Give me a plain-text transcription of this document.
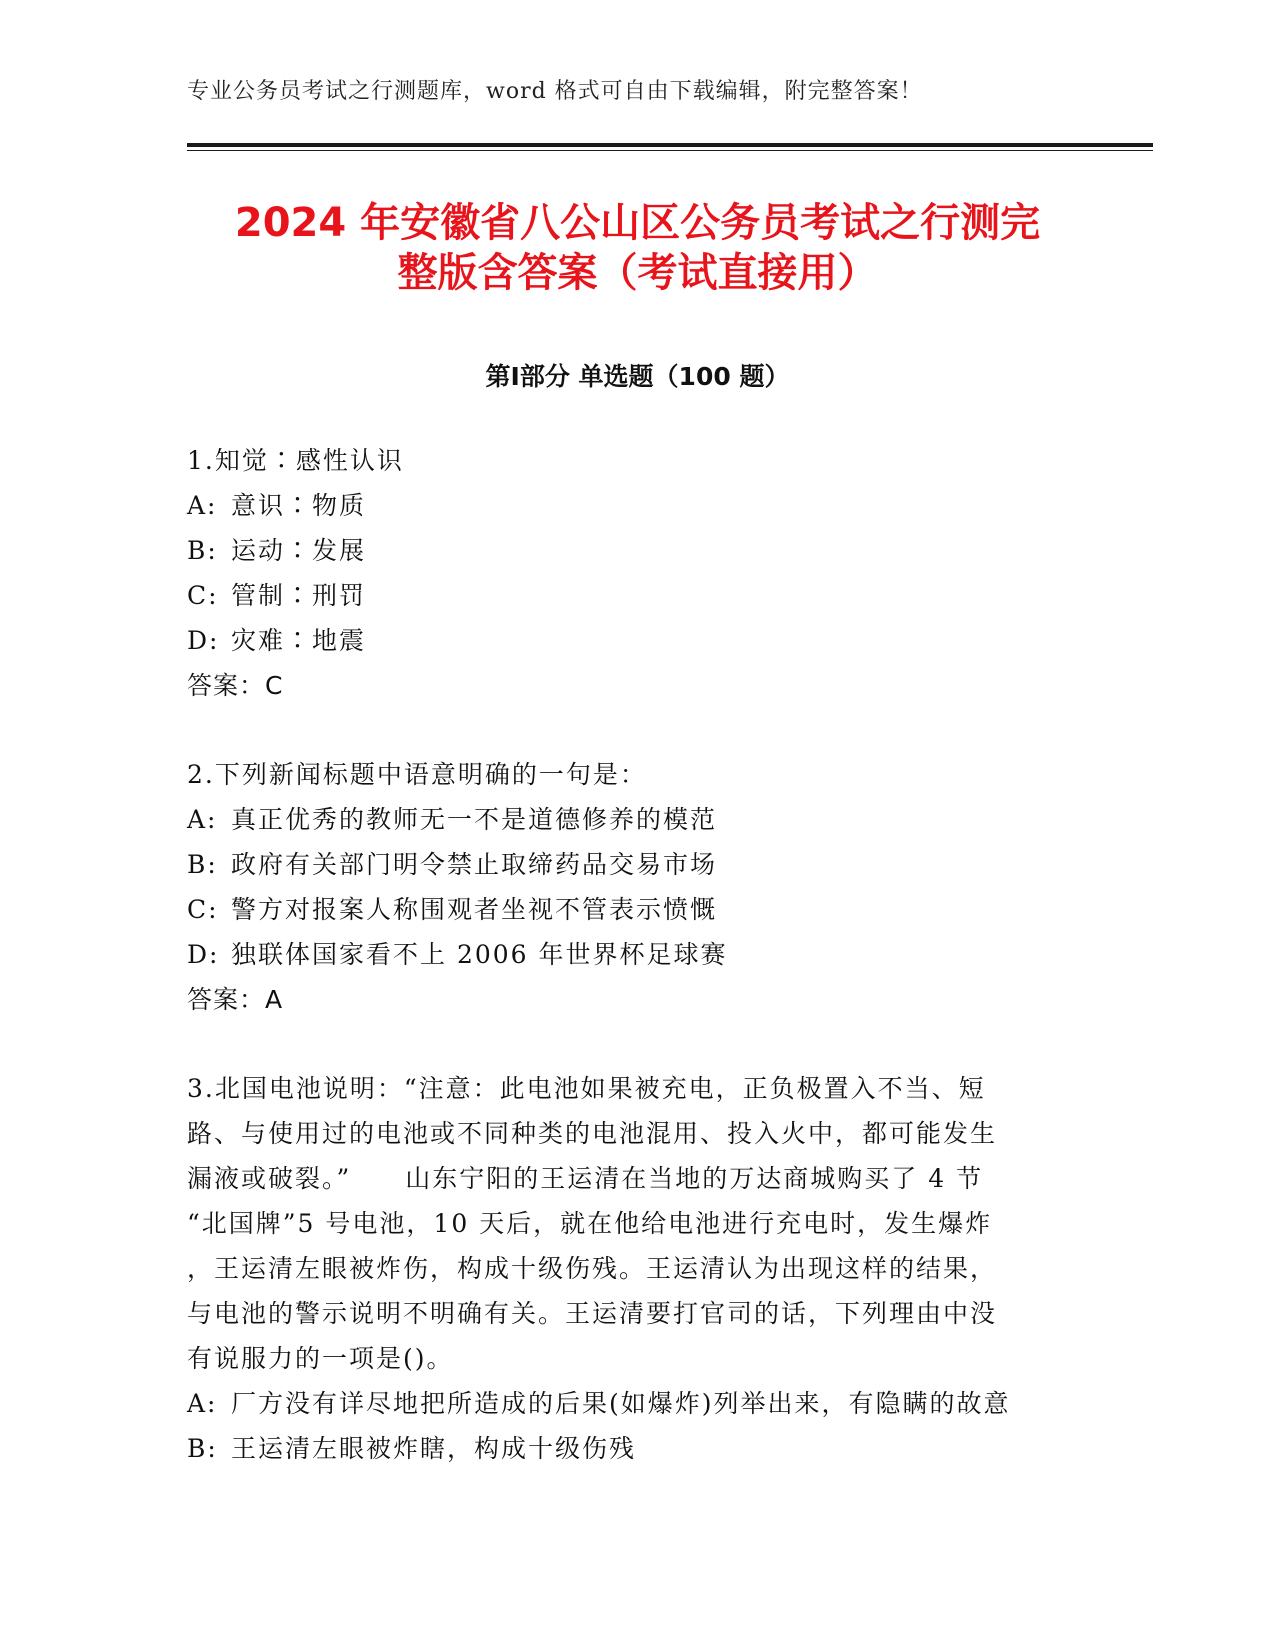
专业公务员考试之行测题库，word 格式可自由下载编辑，附完整答案！
2024 年安徽省八公山区公务员考试之行测完
整版含答案（考试直接用）
第Ⅰ部分 单选题（100 题）
1.知觉∶感性认识
A: 意识∶物质
B: 运动∶发展
C: 管制∶刑罚
D: 灾难∶地震
答案：C
2.下列新闻标题中语意明确的一句是：
A: 真正优秀的教师无一不是道德修养的模范
B: 政府有关部门明令禁止取缔药品交易市场
C: 警方对报案人称围观者坐视不管表示愤慨
D: 独联体国家看不上 2006 年世界杯足球赛
答案：A
3.北国电池说明：“注意：此电池如果被充电，正负极置入不当、短
路、与使用过的电池或不同种类的电池混用、投入火中，都可能发生
漏液或破裂。”　　山东宁阳的王运清在当地的万达商城购买了 4 节
“北国牌”5 号电池，10 天后，就在他给电池进行充电时，发生爆炸
，王运清左眼被炸伤，构成十级伤残。王运清认为出现这样的结果，
与电池的警示说明不明确有关。王运清要打官司的话，下列理由中没
有说服力的一项是()。
A: 厂方没有详尽地把所造成的后果(如爆炸)列举出来，有隐瞒的故意
B: 王运清左眼被炸瞎，构成十级伤残
